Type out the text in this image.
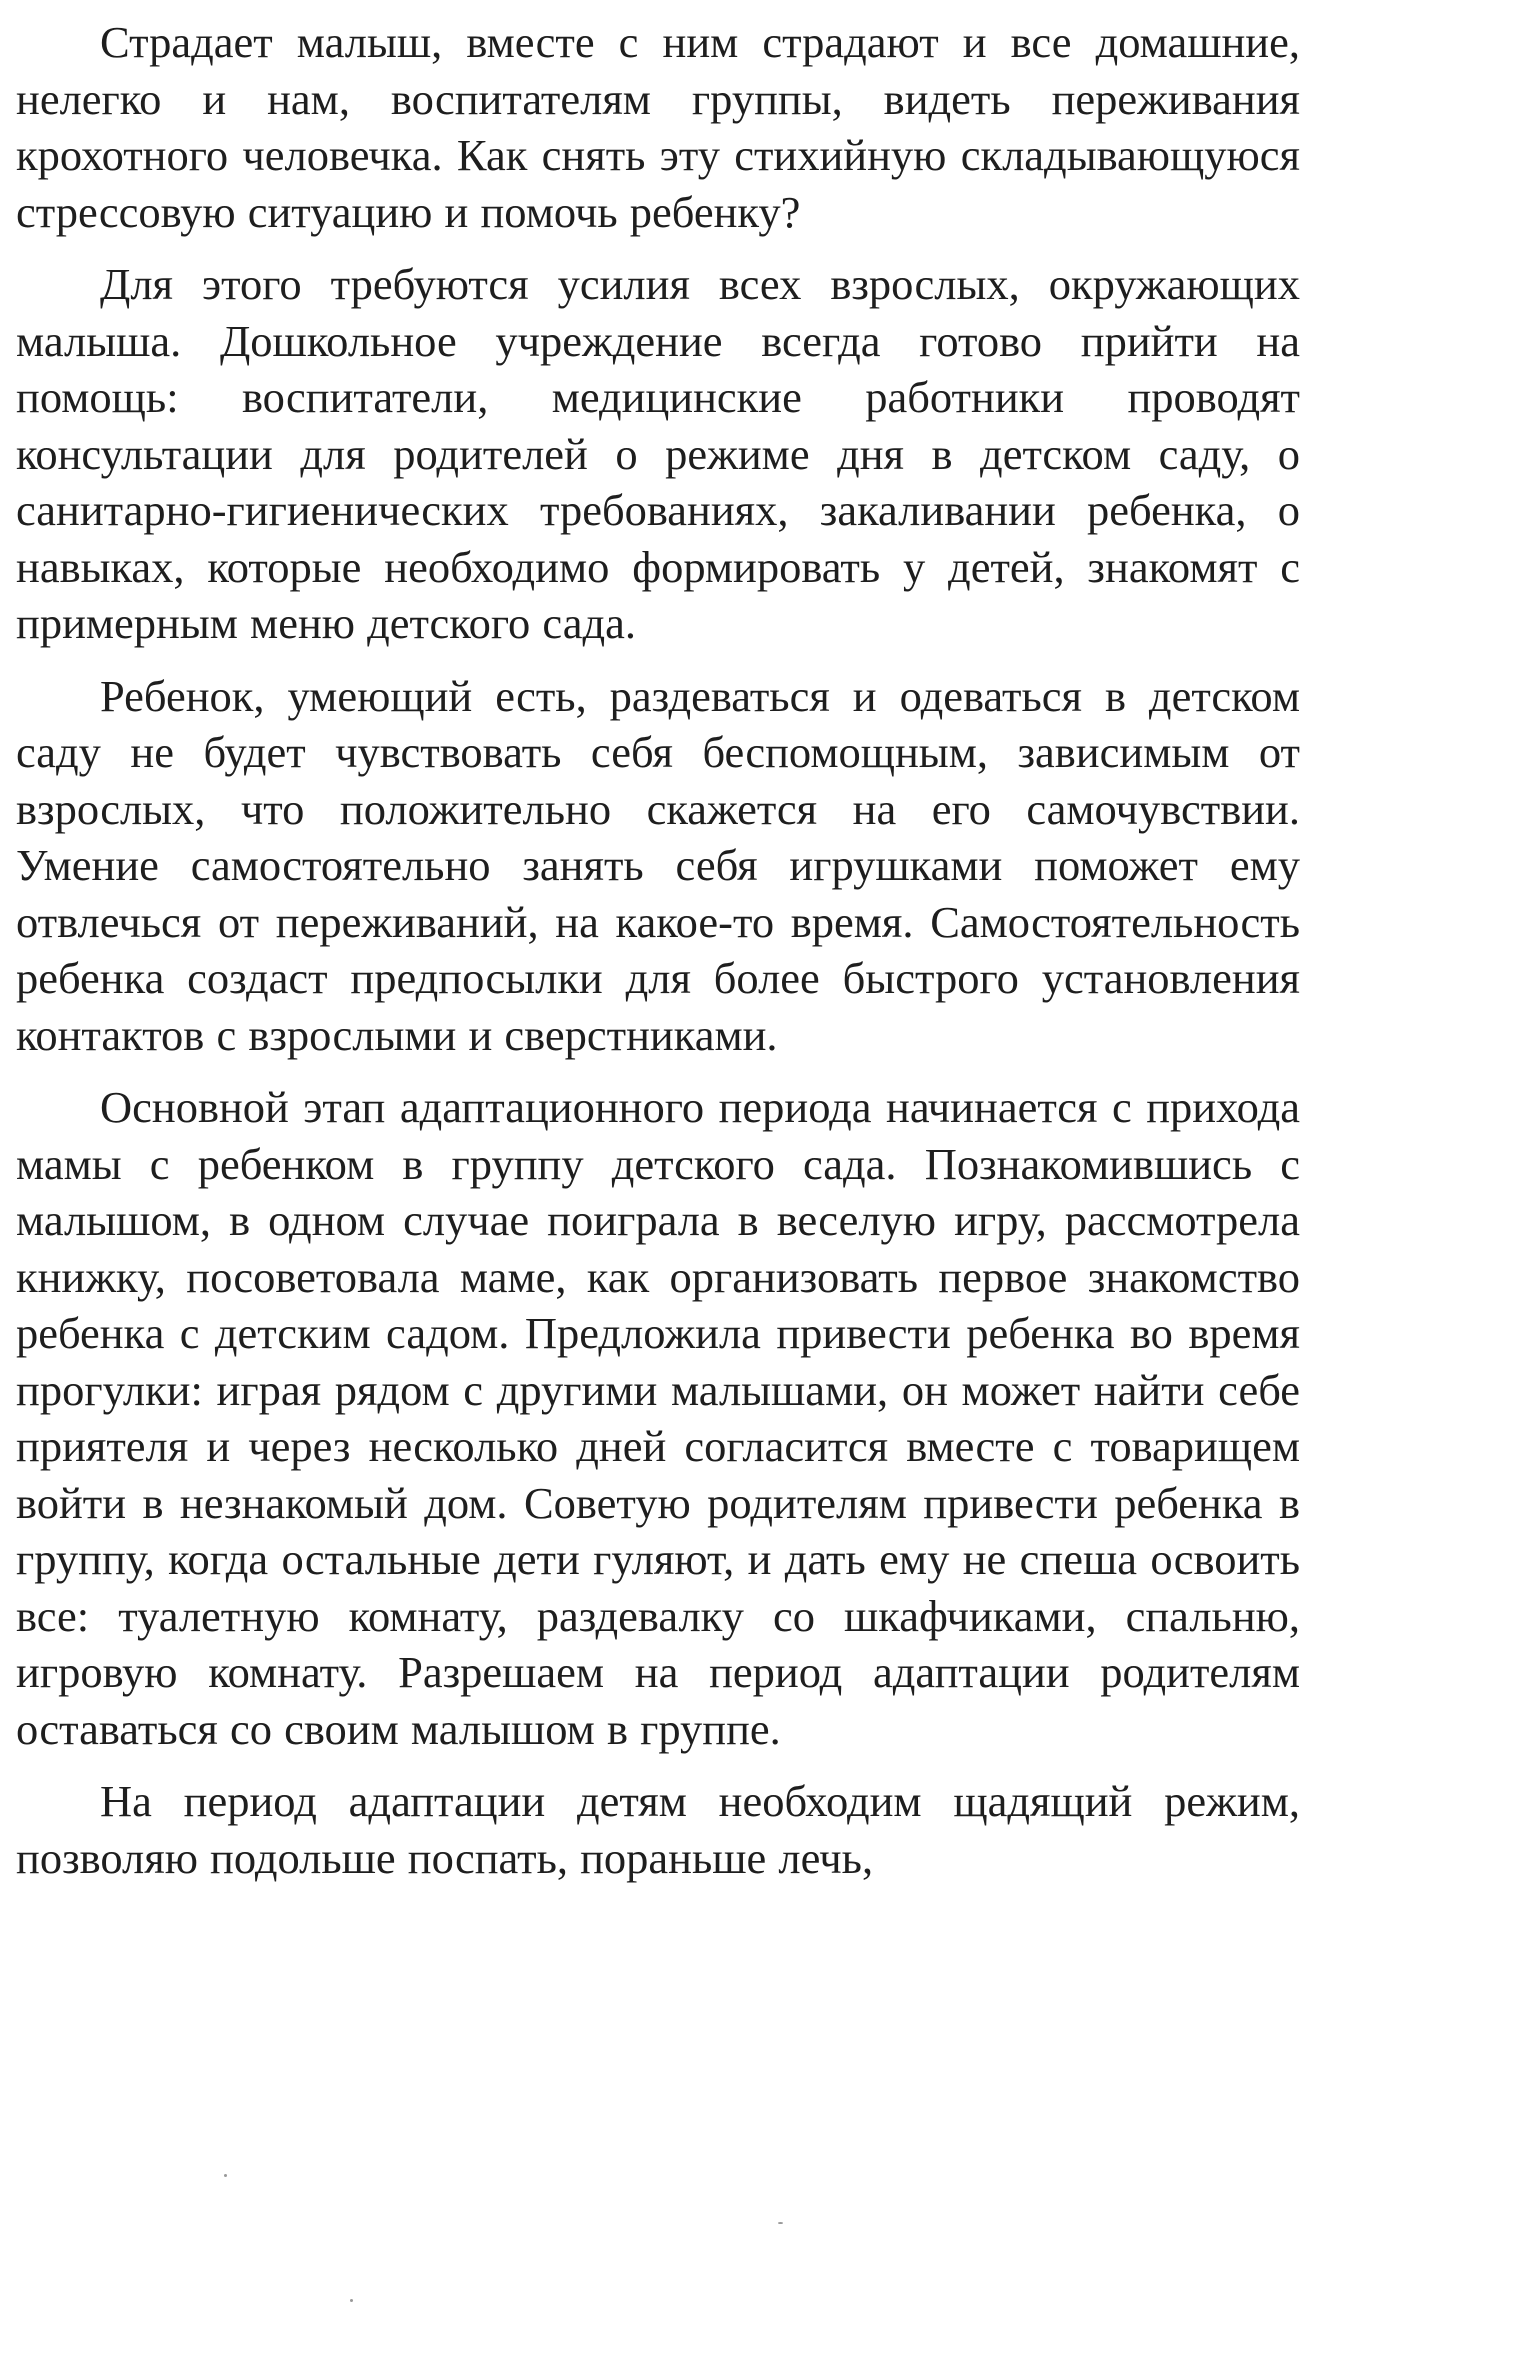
Страдает малыш, вместе с ним страдают и все домашние, нелегко и нам, воспитателям группы, видеть переживания крохотного человечка. Как снять эту стихийную складывающуюся стрессовую ситуацию и помочь ребенку?

Для этого требуются усилия всех взрослых, окружающих малыша. Дошкольное учреждение всегда готово прийти на помощь: воспитатели, медицинские работники проводят консультации для родителей о режиме дня в детском саду, о санитарно-гигиенических требованиях, закаливании ребенка, о навыках, которые необходимо формировать у детей, знакомят с примерным меню детского сада.

Ребенок, умеющий есть, раздеваться и одеваться в детском саду не будет чувствовать себя беспомощным, зависимым от взрослых, что положительно скажется на его самочувствии. Умение самостоятельно занять себя игрушками поможет ему отвлечься от переживаний, на какое-то время. Самостоятельность ребенка создаст предпосылки для более быстрого установления контактов с взрослыми и сверстниками.

Основной этап адаптационного периода начинается с прихода мамы с ребенком в группу детского сада. Познакомившись с малышом, в одном случае поиграла в веселую игру, рассмотрела книжку, посоветовала маме, как организовать первое знакомство ребенка с детским садом. Предложила привести ребенка во время прогулки: играя рядом с другими малышами, он может найти себе приятеля и через несколько дней согласится вместе с товарищем войти в незнакомый дом. Советую родителям привести ребенка в группу, когда остальные дети гуляют, и дать ему не спеша освоить все: туалетную комнату, раздевалку со шкафчиками, спальню, игровую комнату. Разрешаем на период адаптации родителям оставаться со своим малышом в группе.

На период адаптации детям необходим щадящий режим, позволяю подольше поспать, пораньше лечь,
